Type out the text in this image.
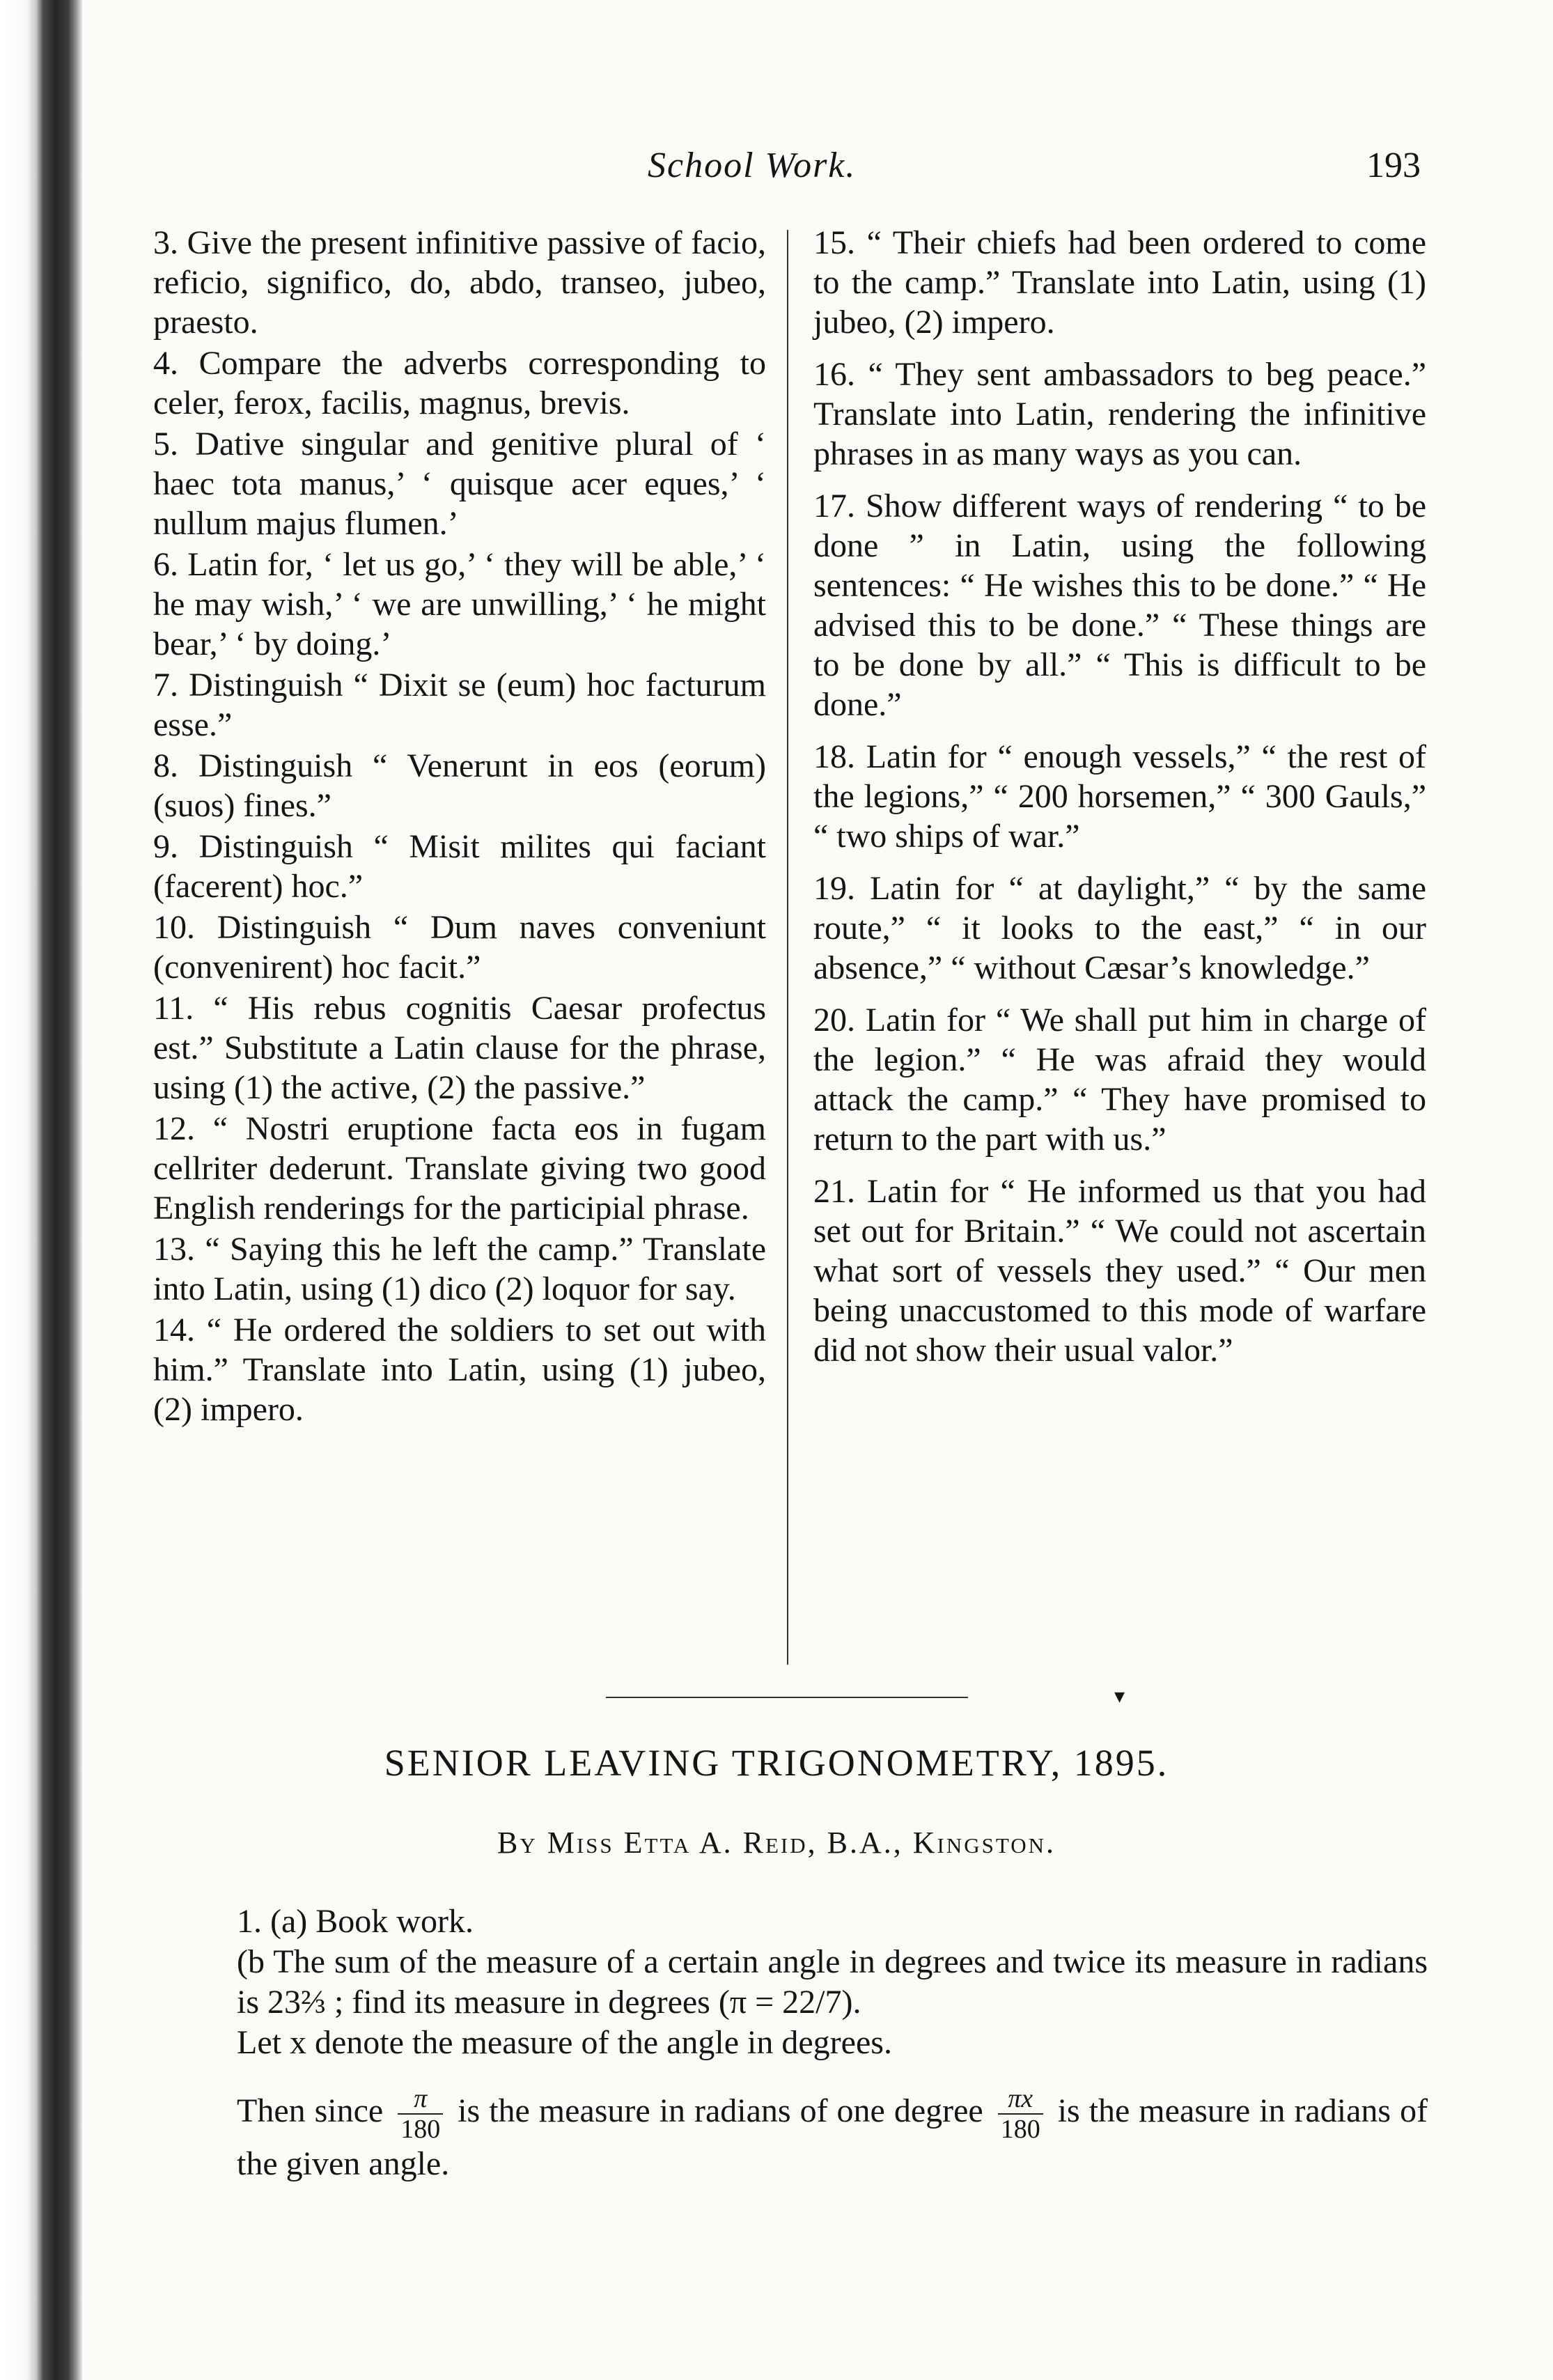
School Work.	193

3. Give the present infinitive passive of facio, reficio, significo, do, abdo, transeo, jubeo, praesto.

4. Compare the adverbs corresponding to celer, ferox, facilis, magnus, brevis.

5. Dative singular and genitive plural of ‘ haec tota manus,’ ‘ quisque acer eques,’ ‘ nullum majus flumen.’

6. Latin for, ‘ let us go,’ ‘ they will be able,’ ‘ he may wish,’ ‘ we are unwilling,’ ‘ he might bear,’ ‘ by doing.’

7. Distinguish “ Dixit se (eum) hoc facturum esse.”

8. Distinguish “ Venerunt in eos (eorum) (suos) fines.”

9. Distinguish “ Misit milites qui faciant (facerent) hoc.”

10. Distinguish “ Dum naves conveniunt (convenirent) hoc facit.”

11. “ His rebus cognitis Caesar profectus est.” Substitute a Latin clause for the phrase, using (1) the active, (2) the passive.”

12. “ Nostri eruptione facta eos in fugam cellriter dederunt. Translate giving two good English renderings for the participial phrase.

13. “ Saying this he left the camp.” Translate into Latin, using (1) dico (2) loquor for say.

14. “ He ordered the soldiers to set out with him.” Translate into Latin, using (1) jubeo, (2) impero.

15. “ Their chiefs had been ordered to come to the camp.” Translate into Latin, using (1) jubeo, (2) impero.

16. “ They sent ambassadors to beg peace.” Translate into Latin, rendering the infinitive phrases in as many ways as you can.

17. Show different ways of rendering “ to be done ” in Latin, using the following sentences: “ He wishes this to be done.” “ He advised this to be done.” “ These things are to be done by all.” “ This is difficult to be done.”

18. Latin for “ enough vessels,” “ the rest of the legions,” “ 200 horsemen,” “ 300 Gauls,” “ two ships of war.”

19. Latin for “ at daylight,” “ by the same route,” “ it looks to the east,” “ in our absence,” “ without Cæsar’s knowledge.”

20. Latin for “ We shall put him in charge of the legion.” “ He was afraid they would attack the camp.” “ They have promised to return to the part with us.”

21. Latin for “ He informed us that you had set out for Britain.” “ We could not ascertain what sort of vessels they used.” “ Our men being unaccustomed to this mode of warfare did not show their usual valor.”

▾
SENIOR LEAVING TRIGONOMETRY, 1895.
By Miss Etta A. Reid, B.A., Kingston.

1. (a) Book work.

(b The sum of the measure of a certain angle in degrees and twice its measure in radians is 23⅔ ; find its measure in degrees (π = 22/7).

Let x denote the measure of the angle in degrees.

Then since $\frac{\pi}{180}$ is the measure in radians of one degree $\frac{\pi x}{180}$ is the measure in radians of the given angle.
